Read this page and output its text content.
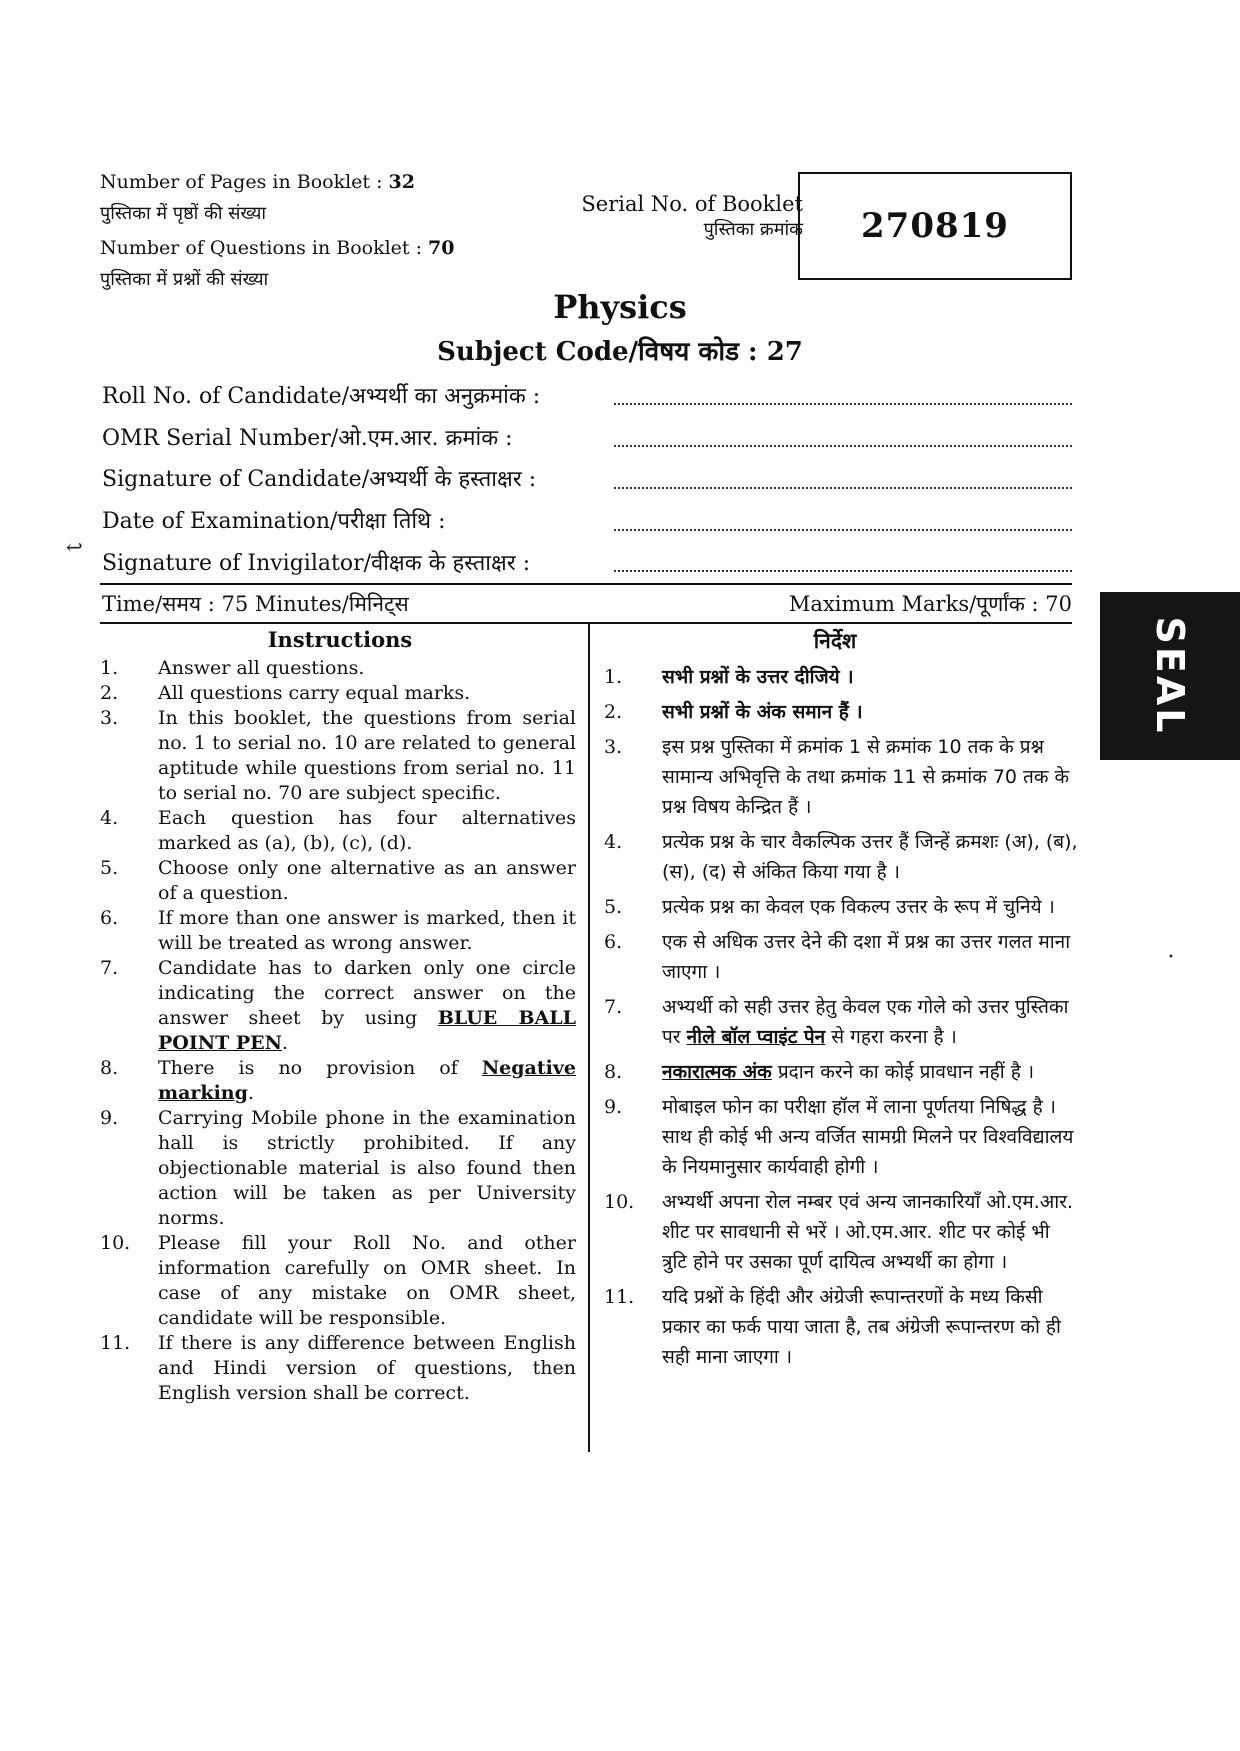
Number of Pages in Booklet : 32
पुस्तिका में पृष्ठों की संख्या
Number of Questions in Booklet : 70
पुस्तिका में प्रश्नों की संख्या
Serial No. of Booklet
पुस्तिका क्रमांक 270819
Physics
Subject Code/विषय कोड : 27
Roll No. of Candidate/अभ्यर्थी का अनुक्रमांक :
OMR Serial Number/ओ.एम.आर. क्रमांक :
Signature of Candidate/अभ्यर्थी के हस्ताक्षर :
Date of Examination/परीक्षा तिथि :
↩
Signature of Invigilator/वीक्षक के हस्ताक्षर :
Time/समय : 75 Minutes/मिनिट्स	Maximum Marks/पूर्णांक : 70
Instructions	निर्देश
1.	Answer all questions.
2.	All questions carry equal marks.
3.	In this booklet, the questions from serial no. 1 to serial no. 10 are related to general aptitude while questions from serial no. 11 to serial no. 70 are subject specific.
4.	Each question has four alternatives marked as (a), (b), (c), (d).
5.	Choose only one alternative as an answer of a question.
6.	If more than one answer is marked, then it will be treated as wrong answer.
7.	Candidate has to darken only one circle indicating the correct answer on the answer sheet by using BLUE BALL POINT PEN.
8.	There is no provision of Negative marking.
9.	Carrying Mobile phone in the examination hall is strictly prohibited. If any objectionable material is also found then action will be taken as per University norms.
10.	Please fill your Roll No. and other information carefully on OMR sheet. In case of any mistake on OMR sheet, candidate will be responsible.
11.	If there is any difference between English and Hindi version of questions, then English version shall be correct.
1.	सभी प्रश्नों के उत्तर दीजिये ।
2.	सभी प्रश्नों के अंक समान हैं ।
3.	इस प्रश्न पुस्तिका में क्रमांक 1 से क्रमांक 10 तक के प्रश्न सामान्य अभिवृत्ति के तथा क्रमांक 11 से क्रमांक 70 तक के प्रश्न विषय केन्द्रित हैं ।
4.	प्रत्येक प्रश्न के चार वैकल्पिक उत्तर हैं जिन्हें क्रमशः (अ), (ब), (स), (द) से अंकित किया गया है ।
5.	प्रत्येक प्रश्न का केवल एक विकल्प उत्तर के रूप में चुनिये ।
6.	एक से अधिक उत्तर देने की दशा में प्रश्न का उत्तर गलत माना जाएगा ।
7.	अभ्यर्थी को सही उत्तर हेतु केवल एक गोले को उत्तर पुस्तिका पर नीले बॉल प्वाइंट पेन से गहरा करना है ।
8.	नकारात्मक अंक प्रदान करने का कोई प्रावधान नहीं है ।
9.	मोबाइल फोन का परीक्षा हॉल में लाना पूर्णतया निषिद्ध है । साथ ही कोई भी अन्य वर्जित सामग्री मिलने पर विश्वविद्यालय के नियमानुसार कार्यवाही होगी ।
10.	अभ्यर्थी अपना रोल नम्बर एवं अन्य जानकारियाँ ओ.एम.आर. शीट पर सावधानी से भरें । ओ.एम.आर. शीट पर कोई भी त्रुटि होने पर उसका पूर्ण दायित्व अभ्यर्थी का होगा ।
11.	यदि प्रश्नों के हिंदी और अंग्रेजी रूपान्तरणों के मध्य किसी प्रकार का फर्क पाया जाता है, तब अंग्रेजी रूपान्तरण को ही सही माना जाएगा ।
SEAL
•
